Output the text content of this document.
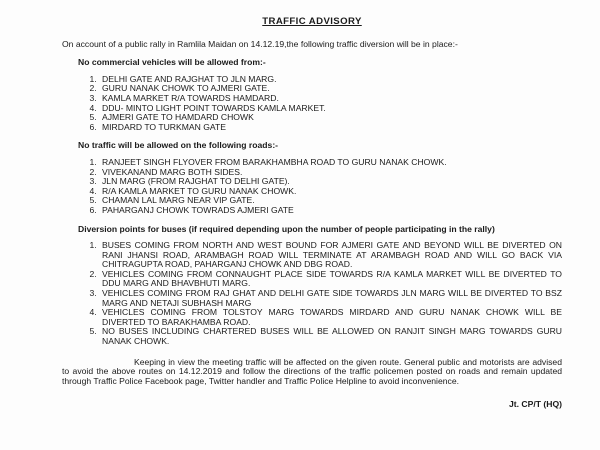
TRAFFIC ADVISORY

On account of a public rally in Ramlila Maidan on 14.12.19,the following traffic diversion will be in place:-

No commercial vehicles will be allowed from:-

1. DELHI GATE AND RAJGHAT TO JLN MARG.
2. GURU NANAK CHOWK TO AJMERI GATE.
3. KAMLA MARKET R/A TOWARDS HAMDARD.
4. DDU- MINTO LIGHT POINT TOWARDS KAMLA MARKET.
5. AJMERI GATE TO HAMDARD CHOWK
6. MIRDARD TO TURKMAN GATE

No traffic will be allowed on the following roads:-

1. RANJEET SINGH FLYOVER FROM BARAKHAMBHA ROAD TO GURU NANAK CHOWK.
2. VIVEKANAND MARG BOTH SIDES.
3. JLN MARG (FROM RAJGHAT TO DELHI GATE).
4. R/A KAMLA MARKET TO GURU NANAK CHOWK.
5. CHAMAN LAL MARG NEAR VIP GATE.
6. PAHARGANJ CHOWK TOWRADS AJMERI GATE

Diversion points for buses (if required depending upon the number of people participating in the rally)

1. BUSES COMING FROM NORTH AND WEST BOUND FOR AJMERI GATE AND BEYOND WILL BE DIVERTED ON RANI JHANSI ROAD, ARAMBAGH ROAD WILL TERMINATE AT ARAMBAGH ROAD AND WILL GO BACK VIA CHITRAGUPTA ROAD, PAHARGANJ CHOWK AND DBG ROAD.
2. VEHICLES COMING FROM CONNAUGHT PLACE SIDE TOWARDS R/A KAMLA MARKET WILL BE DIVERTED TO DDU MARG AND BHAVBHUTI MARG.
3. VEHICLES COMING FROM RAJ GHAT AND DELHI GATE SIDE TOWARDS JLN MARG WILL BE DIVERTED TO BSZ MARG AND NETAJI SUBHASH MARG
4. VEHICLES COMING FROM TOLSTOY MARG TOWARDS MIRDARD AND GURU NANAK CHOWK WILL BE DIVERTED TO BARAKHAMBA ROAD.
5. NO BUSES INCLUDING CHARTERED BUSES WILL BE ALLOWED ON RANJIT SINGH MARG TOWARDS GURU NANAK CHOWK.

Keeping in view the meeting traffic will be affected on the given route. General public and motorists are advised to avoid the above routes on 14.12.2019 and follow the directions of the traffic policemen posted on roads and remain updated through Traffic Police Facebook page, Twitter handler and Traffic Police Helpline to avoid inconvenience.

Jt. CP/T (HQ)
